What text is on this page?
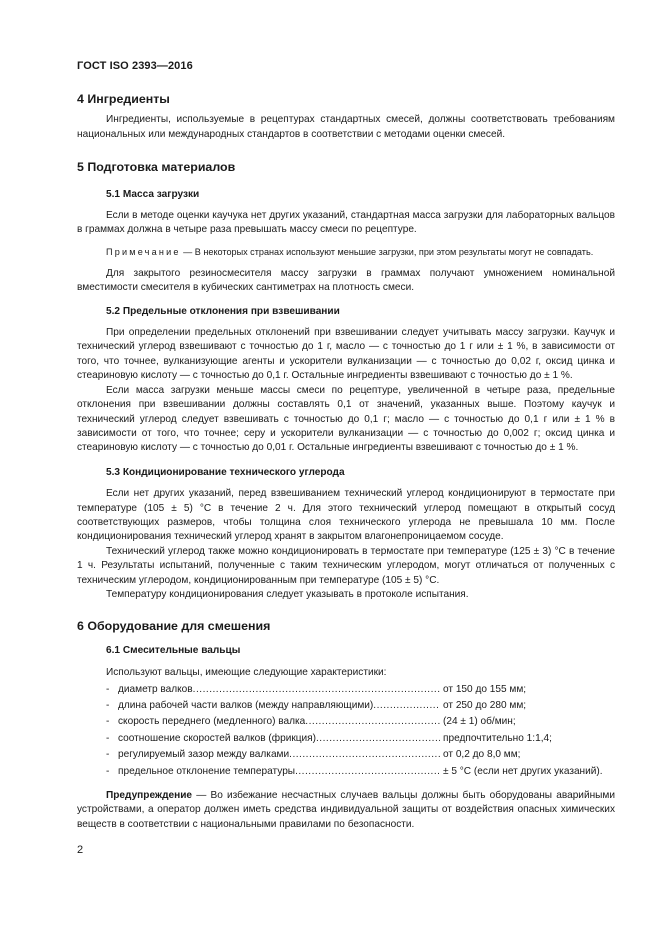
ГОСТ ISO 2393—2016
4 Ингредиенты

Ингредиенты, используемые в рецептурах стандартных смесей, должны соответствовать требованиям национальных или международных стандартов в соответствии с методами оценки смесей.

5 Подготовка материалов
5.1 Масса загрузки

Если в методе оценки каучука нет других указаний, стандартная масса загрузки для лабораторных вальцов в граммах должна в четыре раза превышать массу смеси по рецептуре.

Примечание — В некоторых странах используют меньшие загрузки, при этом результаты могут не совпадать.

Для закрытого резиносмесителя массу загрузки в граммах получают умножением номинальной вместимости смесителя в кубических сантиметрах на плотность смеси.

5.2 Предельные отклонения при взвешивании

При определении предельных отклонений при взвешивании следует учитывать массу загрузки. Каучук и технический углерод взвешивают с точностью до 1 г, масло — с точностью до 1 г или ± 1 %, в зависимости от того, что точнее, вулканизующие агенты и ускорители вулканизации — с точностью до 0,02 г, оксид цинка и стеариновую кислоту — с точностью до 0,1 г. Остальные ингредиенты взвешивают с точностью до ± 1 %.

Если масса загрузки меньше массы смеси по рецептуре, увеличенной в четыре раза, предельные отклонения при взвешивании должны составлять 0,1 от значений, указанных выше. Поэтому каучук и технический углерод следует взвешивать с точностью до 0,1 г; масло — с точностью до 0,1 г или ± 1 % в зависимости от того, что точнее; серу и ускорители вулканизации — с точностью до 0,002 г; оксид цинка и стеариновую кислоту — с точностью до 0,01 г. Остальные ингредиенты взвешивают с точностью до ± 1 %.

5.3 Кондиционирование технического углерода

Если нет других указаний, перед взвешиванием технический углерод кондиционируют в термостате при температуре (105 ± 5) °С в течение 2 ч. Для этого технический углерод помещают в открытый сосуд соответствующих размеров, чтобы толщина слоя технического углерода не превышала 10 мм. После кондиционирования технический углерод хранят в закрытом влагонепроницаемом сосуде.

Технический углерод также можно кондиционировать в термостате при температуре (125 ± 3) °С в течение 1 ч. Результаты испытаний, полученные с таким техническим углеродом, могут отличаться от полученных с техническим углеродом, кондиционированным при температуре (105 ± 5) °С.

Температуру кондиционирования следует указывать в протоколе испытания.

6 Оборудование для смешения
6.1 Смесительные вальцы

Используют вальцы, имеющие следующие характеристики:

- диаметр валков .....	от 150 до 155 мм;
- длина рабочей части валков (между направляющими) .....	от 250 до 280 мм;
- скорость переднего (медленного) валка .....	(24 ± 1) об/мин;
- соотношение скоростей валков (фрикция) .....	предпочтительно 1:1,4;
- регулируемый зазор между валками .....	от 0,2 до 8,0 мм;
- предельное отклонение температуры .....	± 5 °С (если нет других указаний).

Предупреждение — Во избежание несчастных случаев вальцы должны быть оборудованы аварийными устройствами, а оператор должен иметь средства индивидуальной защиты от воздействия опасных химических веществ в соответствии с национальными правилами по безопасности.

2
